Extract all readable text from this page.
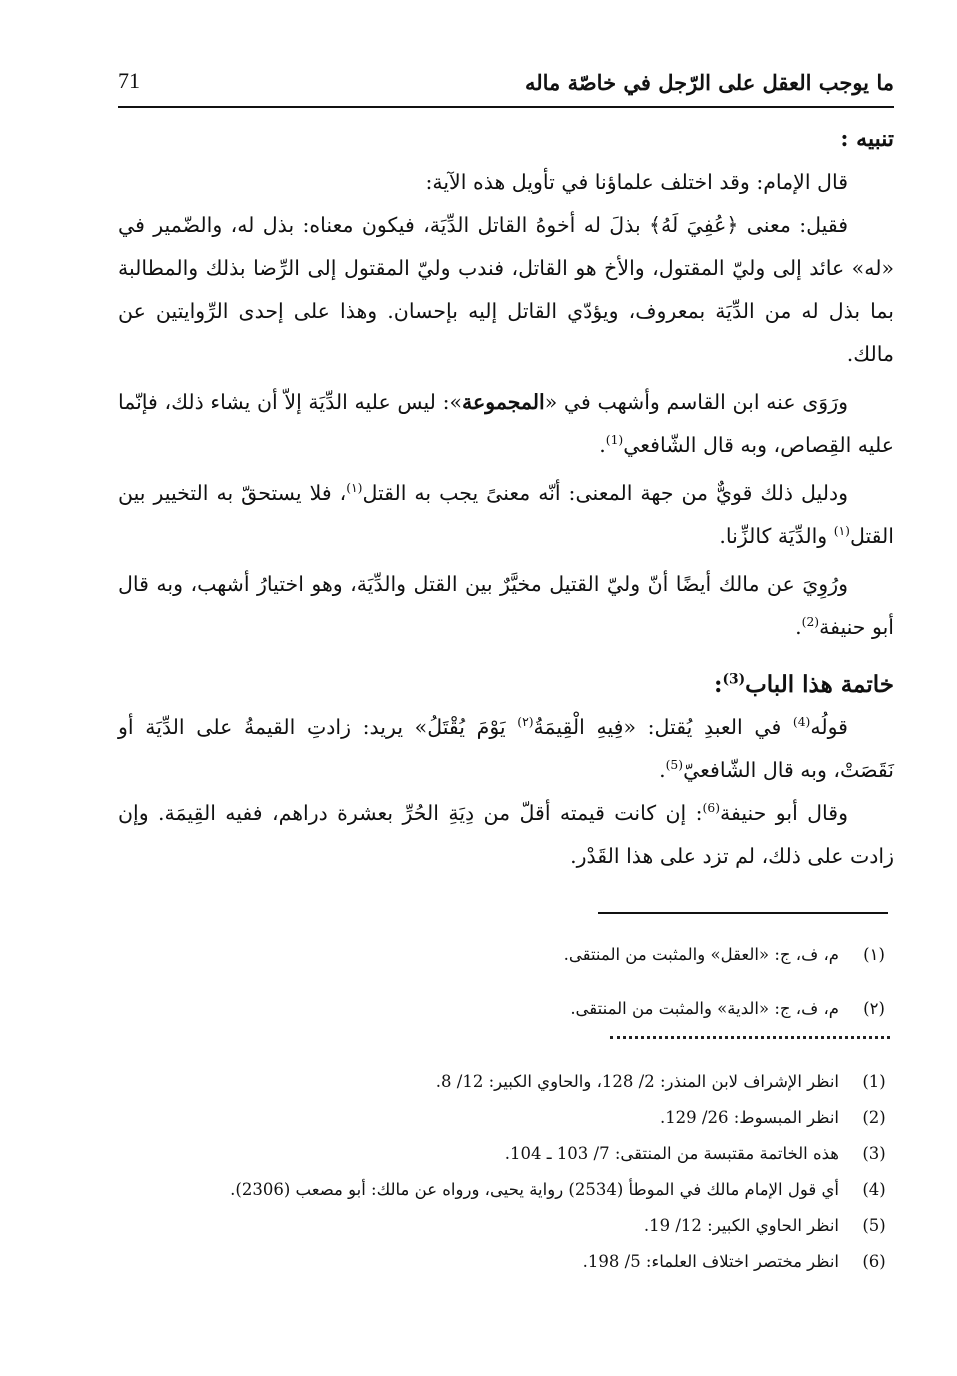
71	ما يوجب العقل على الرّجل في خاصّة ماله

تنبيه :

قال الإمام: وقد اختلف علماؤنا في تأويل هذه الآية:

فقيل: معنى ﴿عُفِيَ لَهُ﴾ بذلَ له أخوهُ القاتل الدِّيَة، فيكون معناه: بذل له، والضّمير في «له» عائد إلى وليّ المقتول، والأخ هو القاتل، فندب وليّ المقتول إلى الرِّضا بذلك والمطالبة بما بذل له من الدِّيَة بمعروف، ويؤدّي القاتل إليه بإحسان. وهذا على إحدى الرِّوايتين عن مالك.

ورَوَى عنه ابن القاسم وأشهب في «المجموعة»: ليس عليه الدِّيَة إلاّ أن يشاء ذلك، فإنّما عليه القِصاص، وبه قال الشّافعي$^{(1)}$.

ودليل ذلك قويٌّ من جهة المعنى: أنّه معنىً يجب به القتل$^{(١)}$، فلا يستحقّ به التخيير بين القتل$^{(١)}$ والدِّيَة كالزِّنا.

ورُوِيَ عن مالك أيضًا أنّ وليّ القتيل مخيَّرٌ بين القتل والدِّيَة، وهو اختيارُ أشهب، وبه قال أبو حنيفة$^{(2)}$.

خاتمة هذا الباب$^{(3)}$:

قولُه$^{(4)}$ في العبدِ يُقتل: «فِيهِ الْقِيمَةُ$^{(٢)}$ يَوْمَ يُقْتَلُ» يريد: زادتِ القيمةُ على الدِّيَة أو نَقَصَتْ، وبه قال الشّافعيّ$^{(5)}$.

وقال أبو حنيفة$^{(6)}$: إن كانت قيمته أقلّ من دِيَةِ الحُرِّ بعشرة دراهم، ففيه القِيمَة. وإن زادت على ذلك، لم تزد على هذا القَدْر.

(١)
م، ف، ج: «العقل» والمثبت من المنتقى.
(٢)
م، ف، ج: «الدية» والمثبت من المنتقى.
(1)
انظر الإشراف لابن المنذر: 2/ 128، والحاوي الكبير: 12/ 8.
(2)
انظر المبسوط: 26/ 129.
(3)
هذه الخاتمة مقتبسة من المنتقى: 7/ 103 ـ 104.
(4)
أي قول الإمام مالك في الموطأ (2534) رواية يحيى، ورواه عن مالك: أبو مصعب (2306).
(5)
انظر الحاوي الكبير: 12/ 19.
(6)
انظر مختصر اختلاف العلماء: 5/ 198.
